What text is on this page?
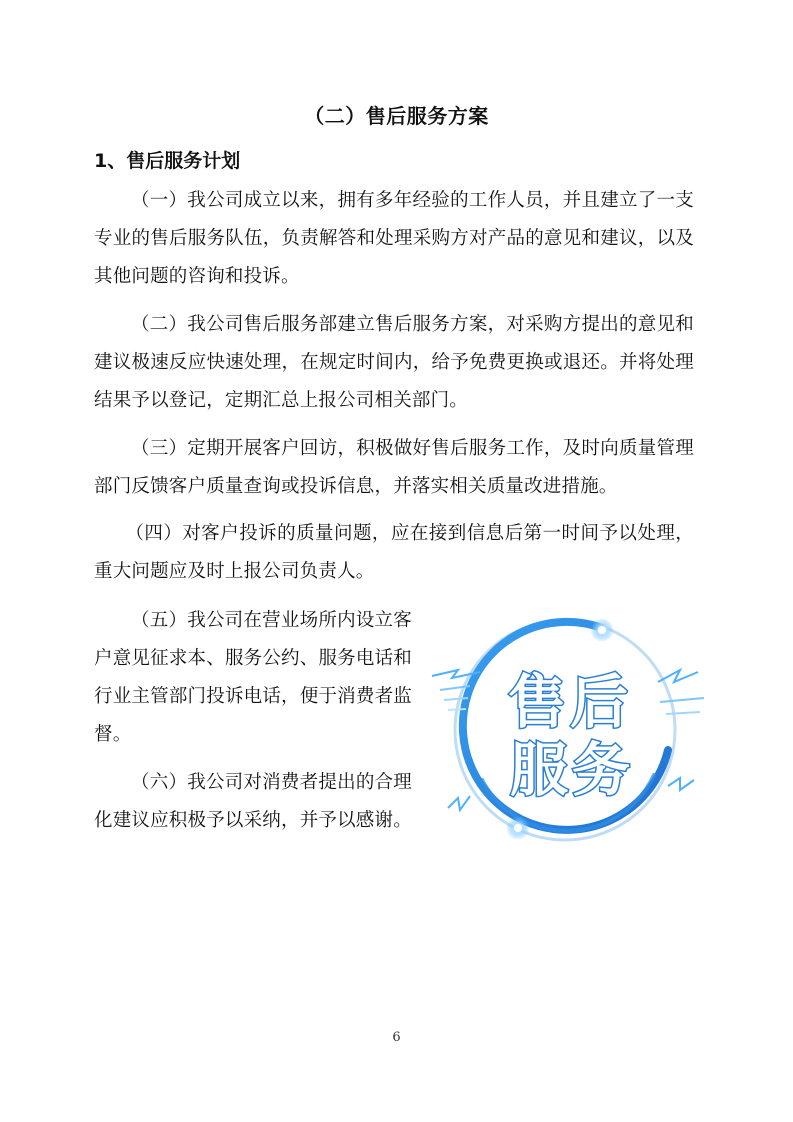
（二）售后服务方案
1、售后服务计划

（一）我公司成立以来，拥有多年经验的工作人员，并且建立了一支专业的售后服务队伍，负责解答和处理采购方对产品的意见和建议，以及其他问题的咨询和投诉。

（二）我公司售后服务部建立售后服务方案，对采购方提出的意见和建议极速反应快速处理，在规定时间内，给予免费更换或退还。并将处理结果予以登记，定期汇总上报公司相关部门。

（三）定期开展客户回访，积极做好售后服务工作，及时向质量管理部门反馈客户质量查询或投诉信息，并落实相关质量改进措施。

（四）对客户投诉的质量问题，应在接到信息后第一时间予以处理，重大问题应及时上报公司负责人。

（五）我公司在营业场所内设立客户意见征求本、服务公约、服务电话和行业主管部门投诉电话，便于消费者监督。

（六）我公司对消费者提出的合理化建议应积极予以采纳，并予以感谢。

售后
服务
6
